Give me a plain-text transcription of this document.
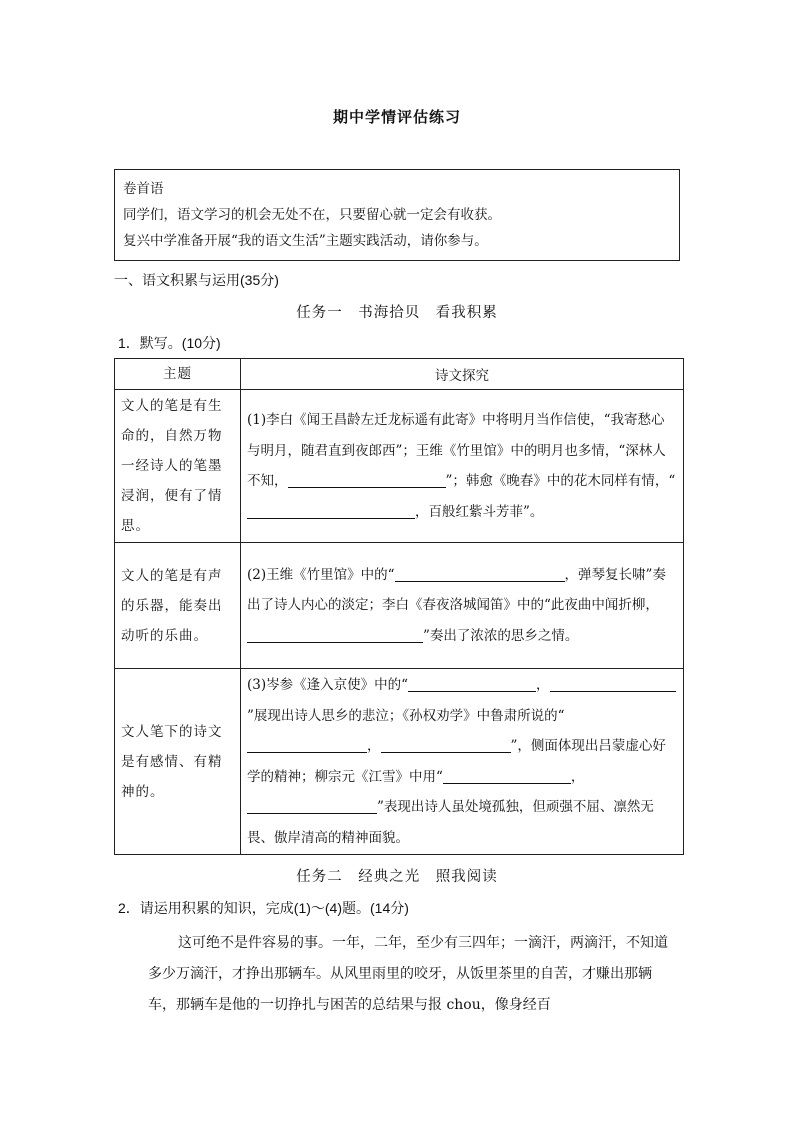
期中学情评估练习
卷首语
同学们，语文学习的机会无处不在，只要留心就一定会有收获。
复兴中学准备开展“我的语文生活”主题实践活动，请你参与。
一、语文积累与运用(35分)
任务一　书海拾贝　看我积累
1．默写。(10分)
主题	诗文探究
文人的笔是有生命的，自然万物一经诗人的笔墨浸润，便有了情思。	(1)李白《闻王昌龄左迁龙标遥有此寄》中将明月当作信使，“我寄愁心与明月，随君直到夜郎西”；王维《竹里馆》中的明月也多情，“深林人不知， ”；韩愈《晚春》中的花木同样有情，“，百般红紫斗芳菲”。
文人的笔是有声的乐器，能奏出动听的乐曲。	(2)王维《竹里馆》中的“ ，弹琴复长啸”奏出了诗人内心的淡定；李白《春夜洛城闻笛》中的“此夜曲中闻折柳，”奏出了浓浓的思乡之情。
文人笔下的诗文是有感情、有精神的。	(3)岑参《逢入京使》中的“ ，”展现出诗人思乡的悲泣；《孙权劝学》中鲁肃所说的“， ”，侧面体现出吕蒙虚心好学的精神；柳宗元《江雪》中用“ ，”表现出诗人虽处境孤独，但顽强不屈、凛然无畏、傲岸清高的精神面貌。
任务二　经典之光　照我阅读
2．请运用积累的知识，完成(1)～(4)题。(14分)
这可绝不是件容易的事。一年，二年，至少有三四年；一滴汗，两滴汗，不知道多少万滴汗，才挣出那辆车。从风里雨里的咬牙，从饭里茶里的自苦，才赚出那辆车，那辆车是他的一切挣扎与困苦的总结果与报 chou，像身经百
